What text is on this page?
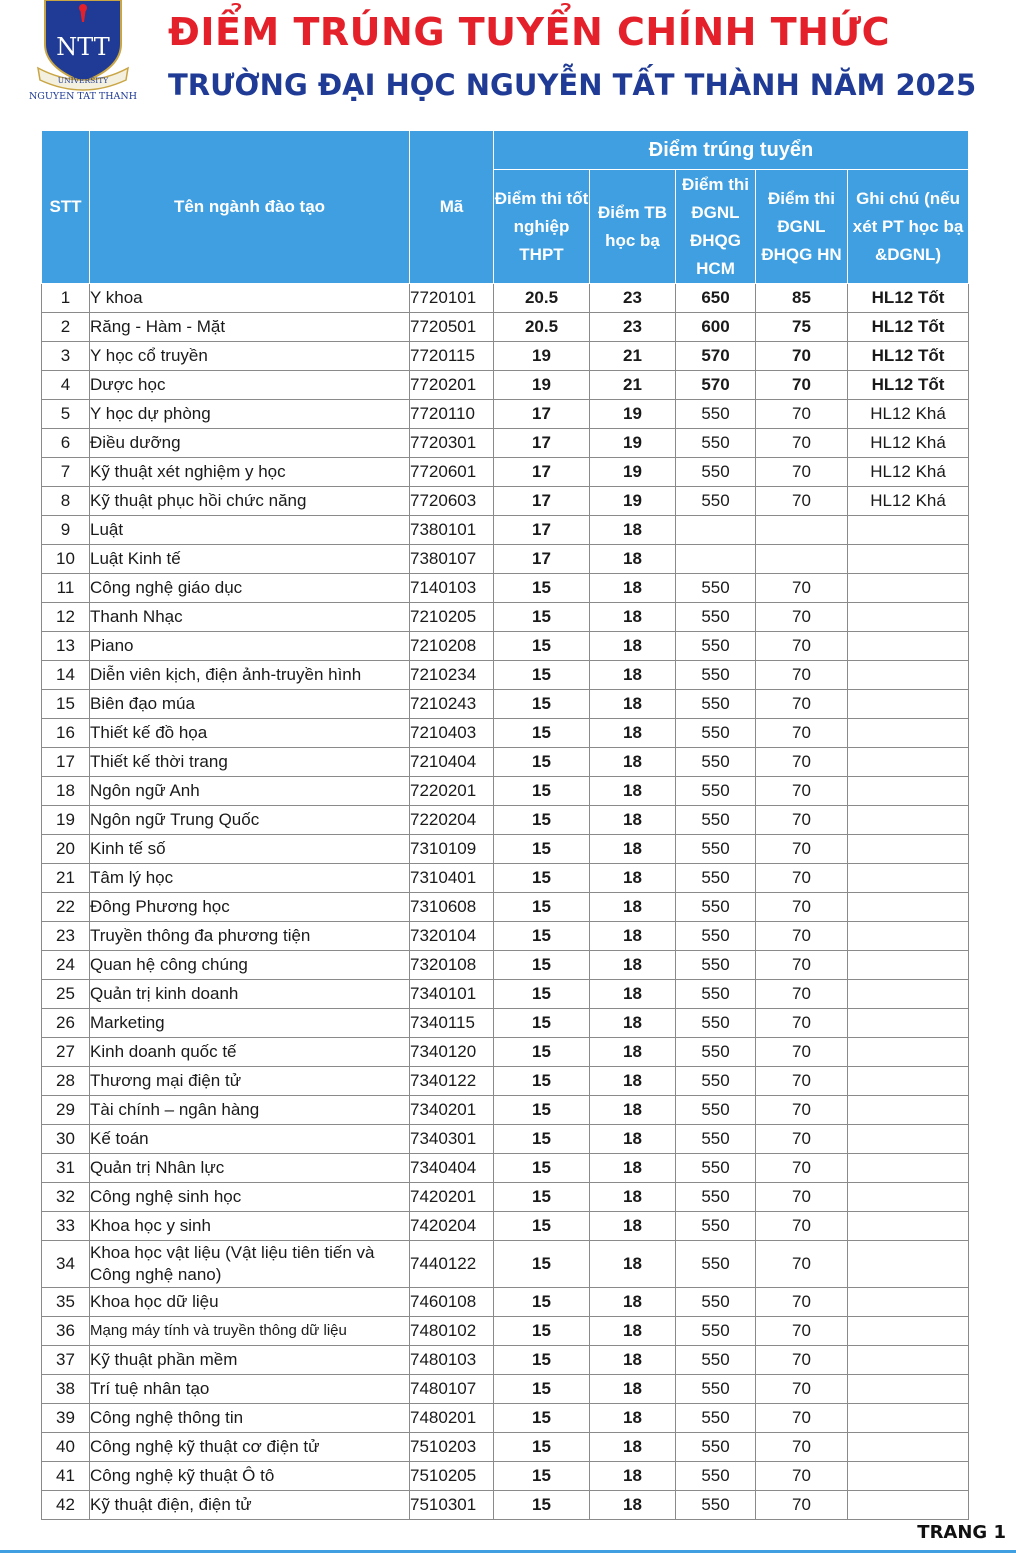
NTT
UNIVERSITY
NGUYEN TAT THANH
ĐIỂM TRÚNG TUYỂN CHÍNH THỨC
TRƯỜNG ĐẠI HỌC NGUYỄN TẤT THÀNH NĂM 2025
STT	Tên ngành đào tạo	Mã	Điểm trúng tuyển				
			Điểm thi tốt nghiệp THPT	Điểm TB học bạ	Điểm thi ĐGNL ĐHQG HCM	Điểm thi ĐGNL ĐHQG HN	Ghi chú (nếu xét PT học bạ &DGNL)
1	Y khoa	7720101	20.5	23	650	85	HL12 Tốt
2	Răng - Hàm - Mặt	7720501	20.5	23	600	75	HL12 Tốt
3	Y học cổ truyền	7720115	19	21	570	70	HL12 Tốt
4	Dược học	7720201	19	21	570	70	HL12 Tốt
5	Y học dự phòng	7720110	17	19	550	70	HL12 Khá
6	Điều dưỡng	7720301	17	19	550	70	HL12 Khá
7	Kỹ thuật xét nghiệm y học	7720601	17	19	550	70	HL12 Khá
8	Kỹ thuật phục hồi chức năng	7720603	17	19	550	70	HL12 Khá
9	Luật	7380101	17	18			
10	Luật Kinh tế	7380107	17	18			
11	Công nghệ giáo dục	7140103	15	18	550	70	
12	Thanh Nhạc	7210205	15	18	550	70	
13	Piano	7210208	15	18	550	70	
14	Diễn viên kịch, điện ảnh-truyền hình	7210234	15	18	550	70	
15	Biên đạo múa	7210243	15	18	550	70	
16	Thiết kế đồ họa	7210403	15	18	550	70	
17	Thiết kế thời trang	7210404	15	18	550	70	
18	Ngôn ngữ Anh	7220201	15	18	550	70	
19	Ngôn ngữ Trung Quốc	7220204	15	18	550	70	
20	Kinh tế số	7310109	15	18	550	70	
21	Tâm lý học	7310401	15	18	550	70	
22	Đông Phương học	7310608	15	18	550	70	
23	Truyền thông đa phương tiện	7320104	15	18	550	70	
24	Quan hệ công chúng	7320108	15	18	550	70	
25	Quản trị kinh doanh	7340101	15	18	550	70	
26	Marketing	7340115	15	18	550	70	
27	Kinh doanh quốc tế	7340120	15	18	550	70	
28	Thương mại điện tử	7340122	15	18	550	70	
29	Tài chính – ngân hàng	7340201	15	18	550	70	
30	Kế toán	7340301	15	18	550	70	
31	Quản trị Nhân lực	7340404	15	18	550	70	
32	Công nghệ sinh học	7420201	15	18	550	70	
33	Khoa học y sinh	7420204	15	18	550	70	
34	Khoa học vật liệu (Vật liệu tiên tiến và Công nghệ nano)	7440122	15	18	550	70	
35	Khoa học dữ liệu	7460108	15	18	550	70	
36	Mạng máy tính và truyền thông dữ liệu	7480102	15	18	550	70	
37	Kỹ thuật phần mềm	7480103	15	18	550	70	
38	Trí tuệ nhân tạo	7480107	15	18	550	70	
39	Công nghệ thông tin	7480201	15	18	550	70	
40	Công nghệ kỹ thuật cơ điện tử	7510203	15	18	550	70	
41	Công nghệ kỹ thuật Ô tô	7510205	15	18	550	70	
42	Kỹ thuật điện, điện tử	7510301	15	18	550	70	
TRANG 1
